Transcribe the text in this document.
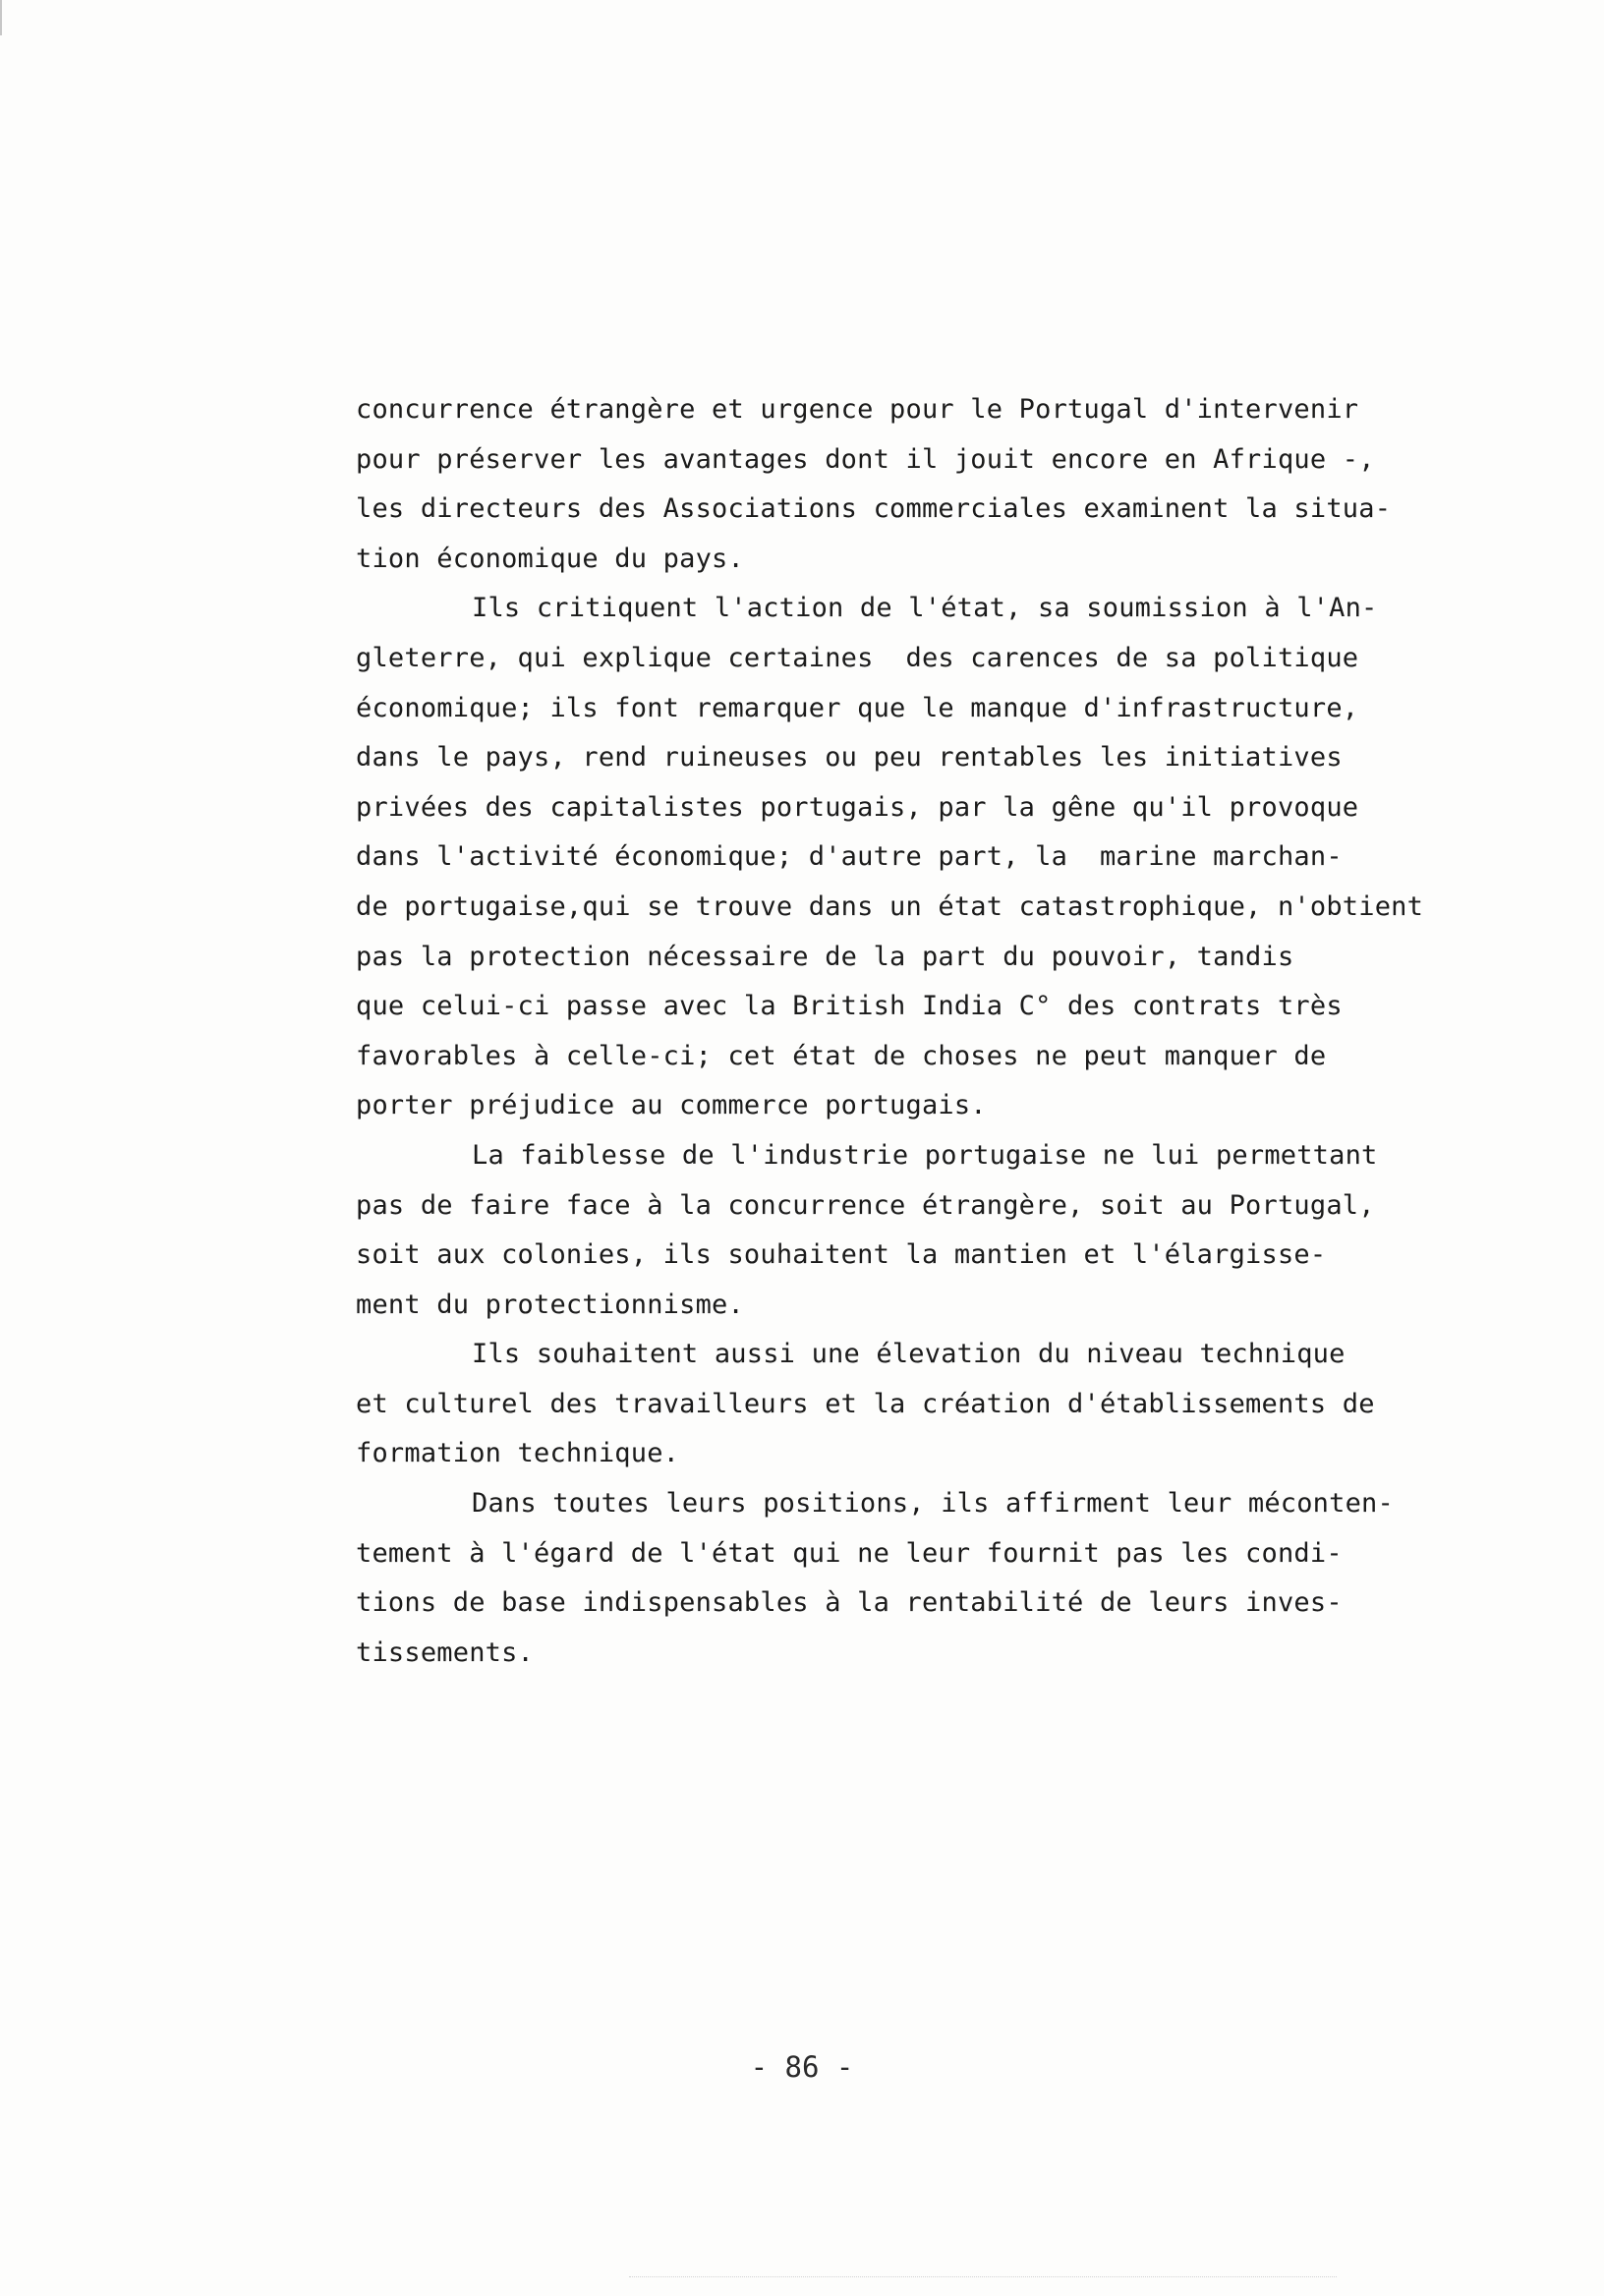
concurrence étrangère et urgence pour le Portugal d'intervenir
pour préserver les avantages dont il jouit encore en Afrique -,
les directeurs des Associations commerciales examinent la situa-
tion économique du pays.
Ils critiquent l'action de l'état, sa soumission à l'An-
gleterre, qui explique certaines  des carences de sa politique
économique; ils font remarquer que le manque d'infrastructure,
dans le pays, rend ruineuses ou peu rentables les initiatives
privées des capitalistes portugais, par la gêne qu'il provoque
dans l'activité économique; d'autre part, la  marine marchan-
de portugaise,qui se trouve dans un état catastrophique, n'obtient
pas la protection nécessaire de la part du pouvoir, tandis
que celui-ci passe avec la British India C° des contrats très
favorables à celle-ci; cet état de choses ne peut manquer de
porter préjudice au commerce portugais.
La faiblesse de l'industrie portugaise ne lui permettant
pas de faire face à la concurrence étrangère, soit au Portugal,
soit aux colonies, ils souhaitent la mantien et l'élargisse-
ment du protectionnisme.
Ils souhaitent aussi une élevation du niveau technique
et culturel des travailleurs et la création d'établissements de
formation technique.
Dans toutes leurs positions, ils affirment leur méconten-
tement à l'égard de l'état qui ne leur fournit pas les condi-
tions de base indispensables à la rentabilité de leurs inves-
tissements.
- 86 -
